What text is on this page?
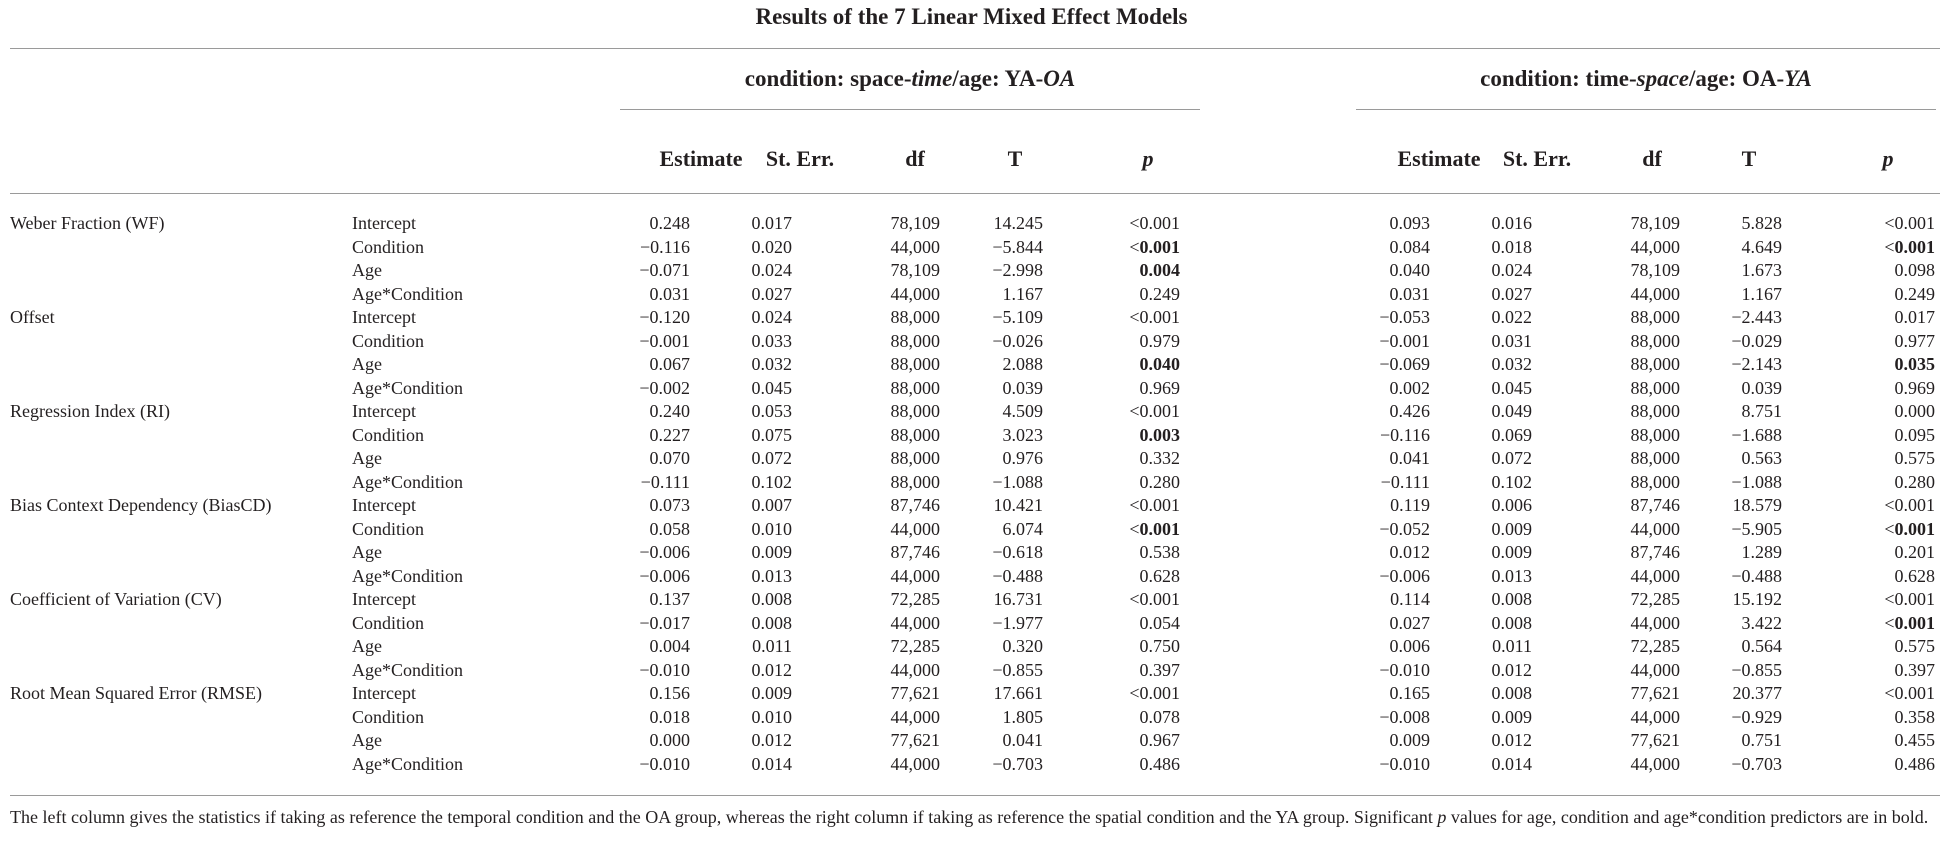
Results of the 7 Linear Mixed Effect Models
condition: space-time/age: YA-OA	condition: time-space/age: OA-YA
Estimate	St. Err.	df	T	p	Estimate	St. Err.	df	T	p
Weber Fraction (WF)	Intercept	0.248	0.017	78,109	14.245	<0.001	0.093	0.016	78,109	5.828	<0.001
Condition	−0.116	0.020	44,000	−5.844	<0.001	0.084	0.018	44,000	4.649	<0.001
Age	−0.071	0.024	78,109	−2.998	0.004	0.040	0.024	78,109	1.673	0.098
Age*Condition	0.031	0.027	44,000	1.167	0.249	0.031	0.027	44,000	1.167	0.249
Offset	Intercept	−0.120	0.024	88,000	−5.109	<0.001	−0.053	0.022	88,000	−2.443	0.017
Condition	−0.001	0.033	88,000	−0.026	0.979	−0.001	0.031	88,000	−0.029	0.977
Age	0.067	0.032	88,000	2.088	0.040	−0.069	0.032	88,000	−2.143	0.035
Age*Condition	−0.002	0.045	88,000	0.039	0.969	0.002	0.045	88,000	0.039	0.969
Regression Index (RI)	Intercept	0.240	0.053	88,000	4.509	<0.001	0.426	0.049	88,000	8.751	0.000
Condition	0.227	0.075	88,000	3.023	0.003	−0.116	0.069	88,000	−1.688	0.095
Age	0.070	0.072	88,000	0.976	0.332	0.041	0.072	88,000	0.563	0.575
Age*Condition	−0.111	0.102	88,000	−1.088	0.280	−0.111	0.102	88,000	−1.088	0.280
Bias Context Dependency (BiasCD)	Intercept	0.073	0.007	87,746	10.421	<0.001	0.119	0.006	87,746	18.579	<0.001
Condition	0.058	0.010	44,000	6.074	<0.001	−0.052	0.009	44,000	−5.905	<0.001
Age	−0.006	0.009	87,746	−0.618	0.538	0.012	0.009	87,746	1.289	0.201
Age*Condition	−0.006	0.013	44,000	−0.488	0.628	−0.006	0.013	44,000	−0.488	0.628
Coefficient of Variation (CV)	Intercept	0.137	0.008	72,285	16.731	<0.001	0.114	0.008	72,285	15.192	<0.001
Condition	−0.017	0.008	44,000	−1.977	0.054	0.027	0.008	44,000	3.422	<0.001
Age	0.004	0.011	72,285	0.320	0.750	0.006	0.011	72,285	0.564	0.575
Age*Condition	−0.010	0.012	44,000	−0.855	0.397	−0.010	0.012	44,000	−0.855	0.397
Root Mean Squared Error (RMSE)	Intercept	0.156	0.009	77,621	17.661	<0.001	0.165	0.008	77,621	20.377	<0.001
Condition	0.018	0.010	44,000	1.805	0.078	−0.008	0.009	44,000	−0.929	0.358
Age	0.000	0.012	77,621	0.041	0.967	0.009	0.012	77,621	0.751	0.455
Age*Condition	−0.010	0.014	44,000	−0.703	0.486	−0.010	0.014	44,000	−0.703	0.486
The left column gives the statistics if taking as reference the temporal condition and the OA group, whereas the right column if taking as reference the spatial condition and the YA group. Significant p values for age, condition and age*condition predictors are in bold.
